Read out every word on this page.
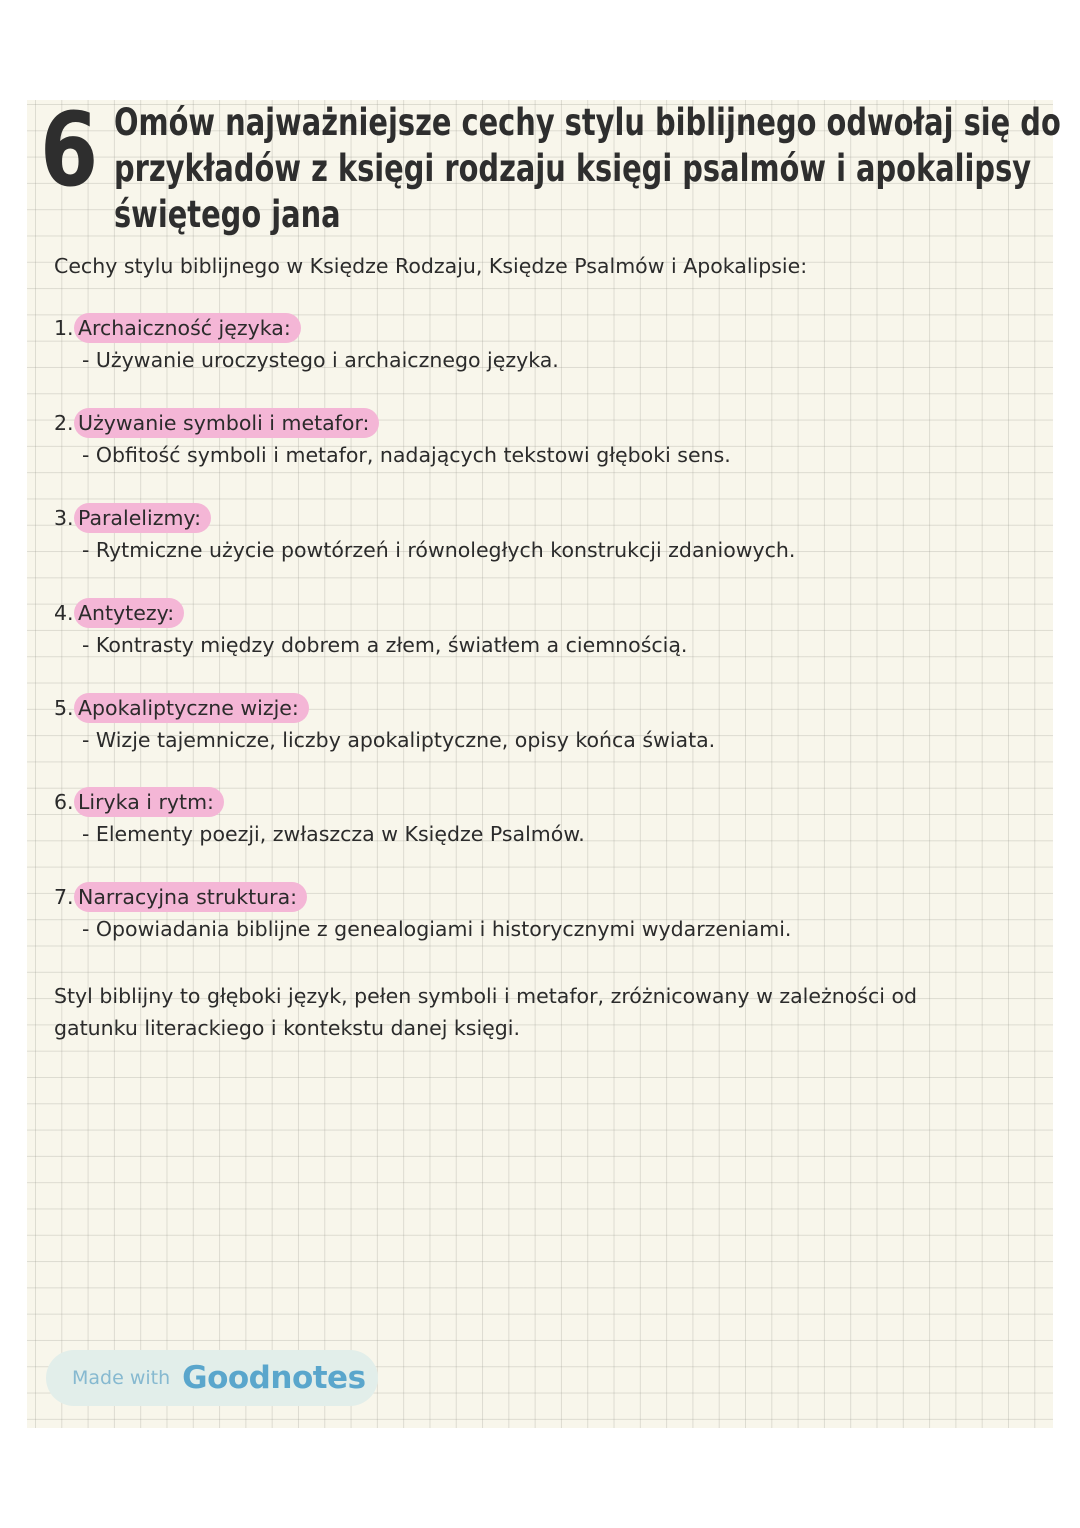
6 Omów najważniejsze cechy stylu biblijnego odwołaj się do
przykładów z księgi rodzaju księgi psalmów i apokalipsy
świętego jana
Cechy stylu biblijnego w Księdze Rodzaju, Księdze Psalmów i Apokalipsie:
1. Archaiczność języka:
- Używanie uroczystego i archaicznego języka.
2. Używanie symboli i metafor:
- Obfitość symboli i metafor, nadających tekstowi głęboki sens.
3. Paralelizmy:
- Rytmiczne użycie powtórzeń i równoległych konstrukcji zdaniowych.
4. Antytezy:
- Kontrasty między dobrem a złem, światłem a ciemnością.
5. Apokaliptyczne wizje:
- Wizje tajemnicze, liczby apokaliptyczne, opisy końca świata.
6. Liryka i rytm:
- Elementy poezji, zwłaszcza w Księdze Psalmów.
7. Narracyjna struktura:
- Opowiadania biblijne z genealogiami i historycznymi wydarzeniami.
Styl biblijny to głęboki język, pełen symboli i metafor, zróżnicowany w zależności od
gatunku literackiego i kontekstu danej księgi.
Made with Goodnotes
